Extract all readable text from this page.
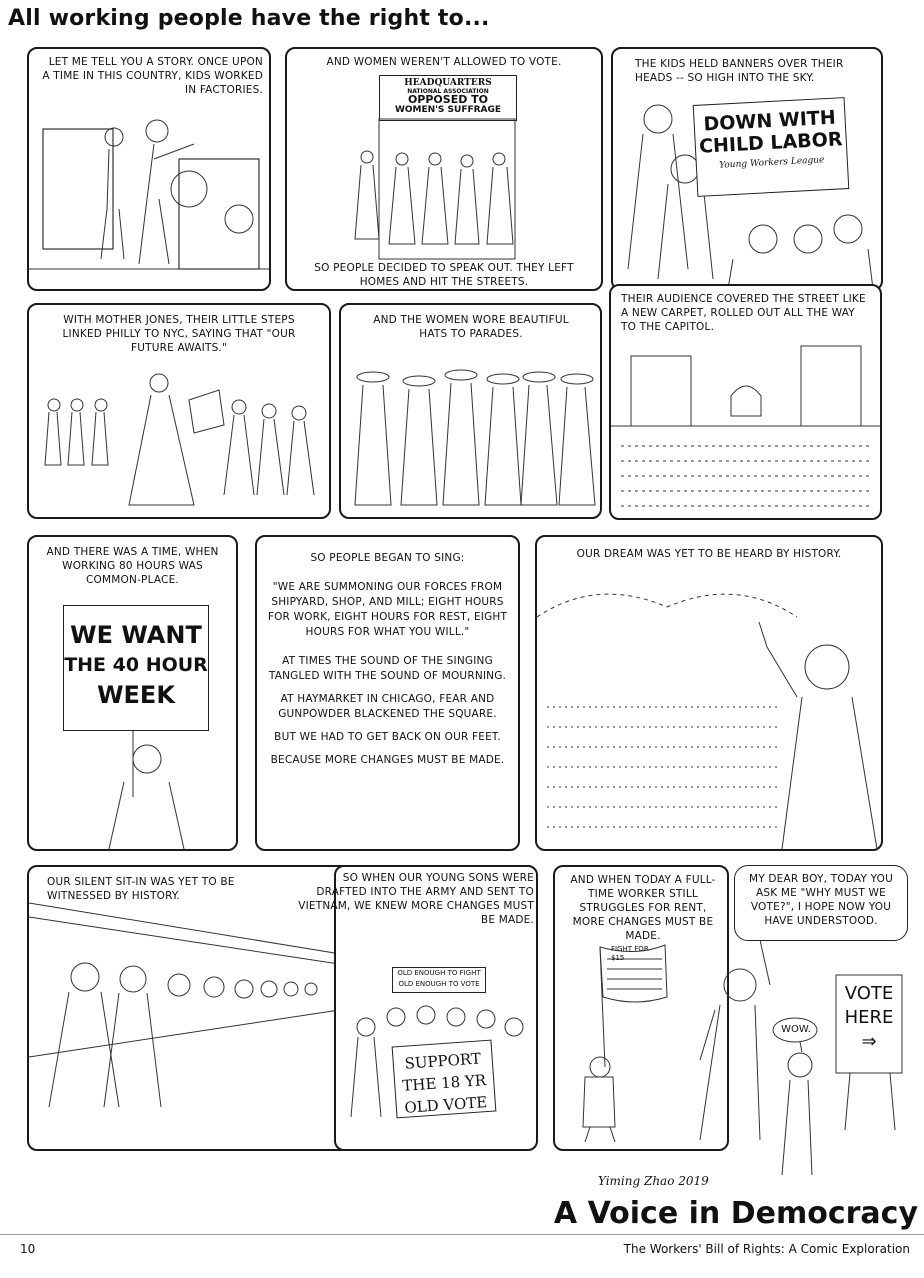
All working people have the right to...
LET ME TELL YOU A STORY. ONCE UPON A TIME IN THIS COUNTRY, KIDS WORKED IN FACTORIES.
AND WOMEN WEREN'T ALLOWED TO VOTE.
HEADQUARTERS
NATIONAL ASSOCIATION
OPPOSED TO
WOMEN'S SUFFRAGE
SO PEOPLE DECIDED TO SPEAK OUT. THEY LEFT HOMES AND HIT THE STREETS.
THE KIDS HELD BANNERS OVER THEIR HEADS -- SO HIGH INTO THE SKY.
DOWN WITH
CHILD LABOR
Young Workers League
WITH MOTHER JONES, THEIR LITTLE STEPS LINKED PHILLY TO NYC, SAYING THAT "OUR FUTURE AWAITS."
AND THE WOMEN WORE BEAUTIFUL HATS TO PARADES.
THEIR AUDIENCE COVERED THE STREET LIKE A NEW CARPET, ROLLED OUT ALL THE WAY TO THE CAPITOL.
AND THERE WAS A TIME, WHEN WORKING 80 HOURS WAS COMMON-PLACE.
WE WANT
THE 40 HOUR
WEEK

SO PEOPLE BEGAN TO SING:

"WE ARE SUMMONING OUR FORCES FROM SHIPYARD, SHOP, AND MILL; EIGHT HOURS FOR WORK, EIGHT HOURS FOR REST, EIGHT HOURS FOR WHAT YOU WILL."

AT TIMES THE SOUND OF THE SINGING TANGLED WITH THE SOUND OF MOURNING.

AT HAYMARKET IN CHICAGO, FEAR AND GUNPOWDER BLACKENED THE SQUARE.

BUT WE HAD TO GET BACK ON OUR FEET.

BECAUSE MORE CHANGES MUST BE MADE.

OUR DREAM WAS YET TO BE HEARD BY HISTORY.
OUR SILENT SIT-IN WAS YET TO BE WITNESSED BY HISTORY.
SO WHEN OUR YOUNG SONS WERE DRAFTED INTO THE ARMY AND SENT TO VIETNAM, WE KNEW MORE CHANGES MUST BE MADE.
OLD ENOUGH TO FIGHT
OLD ENOUGH TO VOTE
SUPPORT THE 18 YR OLD VOTE
AND WHEN TODAY A FULL-TIME WORKER STILL STRUGGLES FOR RENT, MORE CHANGES MUST BE MADE.
FIGHT FOR $15
MY DEAR BOY, TODAY YOU ASK ME "WHY MUST WE VOTE?", I HOPE NOW YOU HAVE UNDERSTOOD.
WOW.
VOTE
HERE
⇒
Yiming Zhao 2019
A Voice in Democracy
10	The Workers' Bill of Rights: A Comic Exploration
